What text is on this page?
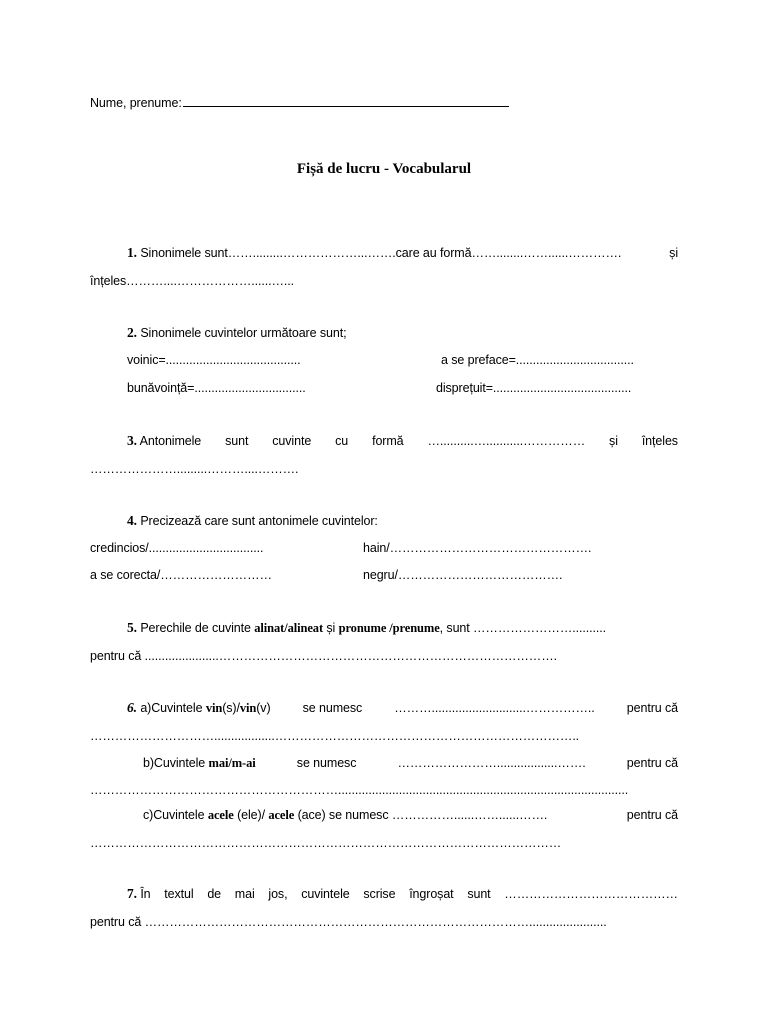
Nume, prenume:

Fișă de lucru - Vocabularul

1. Sinonimele sunt…….........………………...…….care au formă……........……......………….	și

înțeles………....………………......…...

2. Sinonimele cuvintelor următoare sunt;

voinic=........................................	a se preface=...................................

bunăvoință=.................................	disprețuit=.........................................

3. Antonimele sunt cuvinte cu formă …..........…...........…………… și înțeles

………………….........………....……….

4. Precizează care sunt antonimele cuvintelor:

credincios/..................................	hain/………………………………………….

a se corecta/………………………	negru/………………………………….

5. Perechile de cuvinte alinat/alineat și pronume /prenume, sunt ……………………..........

pentru că ......................……………………………………………………………………….

6. a)Cuvintele vin(s)/vin(v)	se numesc	………............................……………..	pentru că

…………………………..................………………………………………………………………..

b)Cuvintele mai/m-ai	se numesc	……………………..................…….	pentru că

……………………………………………………......................................................................................

c)Cuvintele acele (ele)/ acele (ace) se numesc ……………......……......…….	pentru că

……………………………………………………………………………………………………

7. În textul de mai jos, cuvintele scrise îngroșat sunt ……………………………………

pentru că ………………………………………………………………………………….......................
